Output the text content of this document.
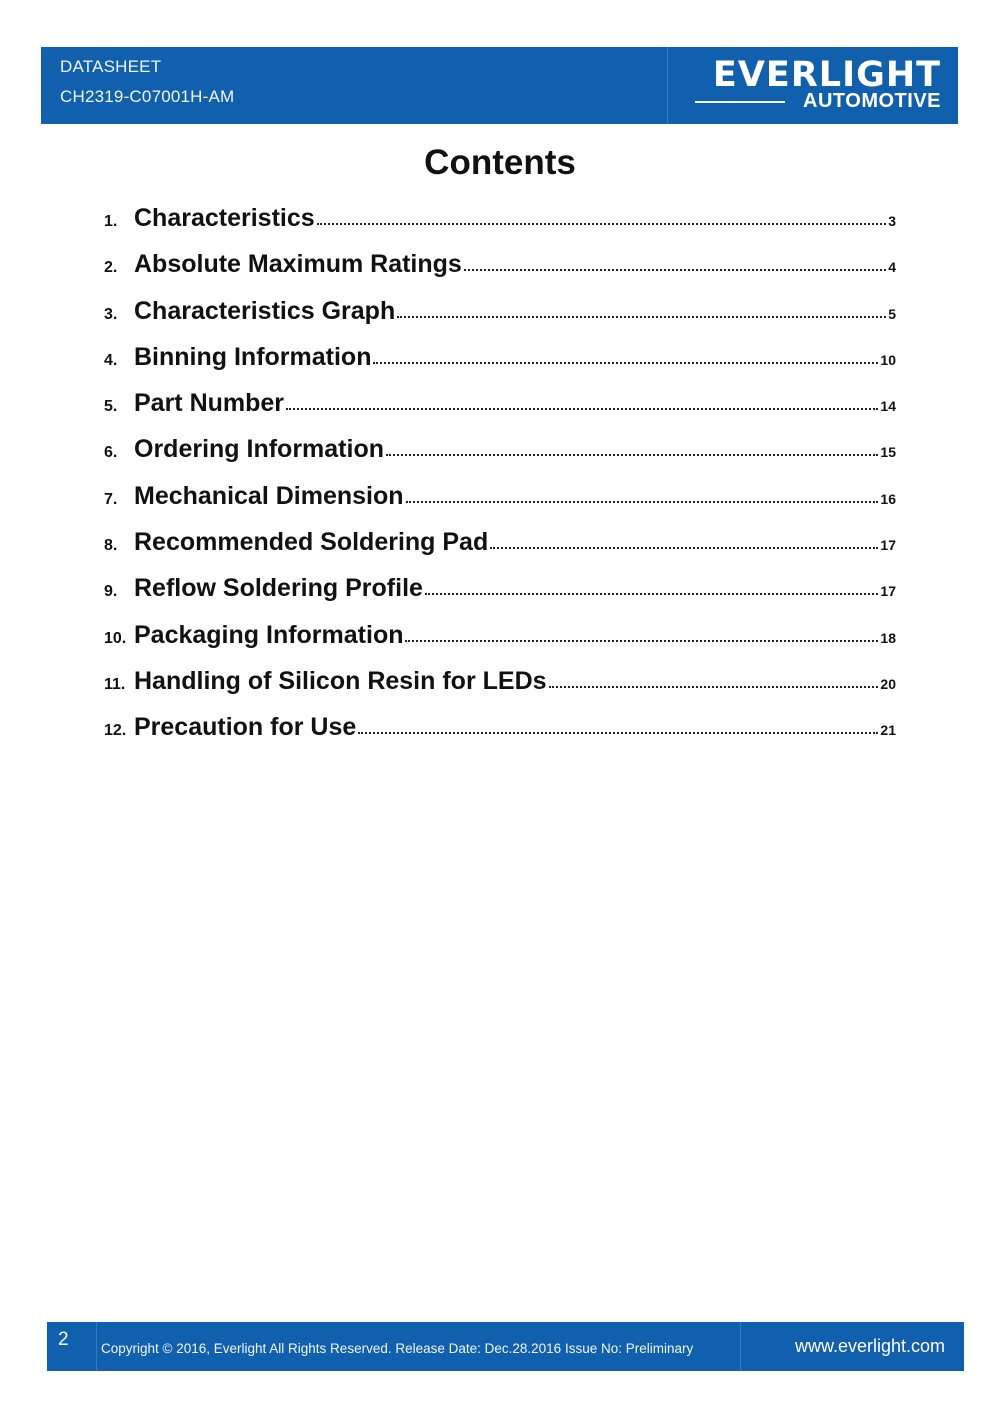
DATASHEET
CH2319-C07001H-AM
EVERLIGHT
AUTOMOTIVE
Contents
1. Characteristics	3
2. Absolute Maximum Ratings	4
3. Characteristics Graph	5
4. Binning Information	10
5. Part Number	14
6. Ordering Information	15
7. Mechanical Dimension	16
8. Recommended Soldering Pad	17
9. Reflow Soldering Profile	17
10. Packaging Information	18
11. Handling of Silicon Resin for LEDs	20
12. Precaution for Use	21
2 Copyright © 2016, Everlight All Rights Reserved. Release Date: Dec.28.2016 Issue No: Preliminary	www.everlight.com
